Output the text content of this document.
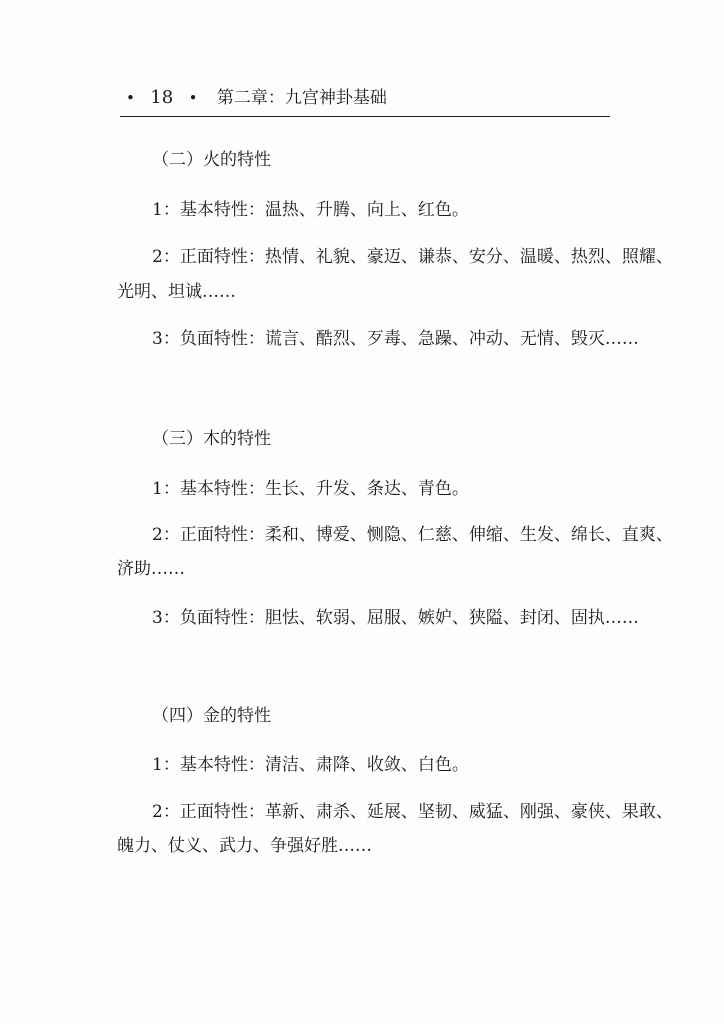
• 18 • 第二章：九宫神卦基础
（二）火的特性
1：基本特性：温热、升腾、向上、红色。
2：正面特性：热情、礼貌、豪迈、谦恭、安分、温暖、热烈、照耀、
光明、坦诚……
3：负面特性：谎言、酷烈、歹毒、急躁、冲动、无情、毁灭……
（三）木的特性
1：基本特性：生长、升发、条达、青色。
2：正面特性：柔和、博爱、恻隐、仁慈、伸缩、生发、绵长、直爽、
济助……
3：负面特性：胆怯、软弱、屈服、嫉妒、狭隘、封闭、固执……
（四）金的特性
1：基本特性：清洁、肃降、收敛、白色。
2：正面特性：革新、肃杀、延展、坚韧、威猛、刚强、豪侠、果敢、
魄力、仗义、武力、争强好胜……
